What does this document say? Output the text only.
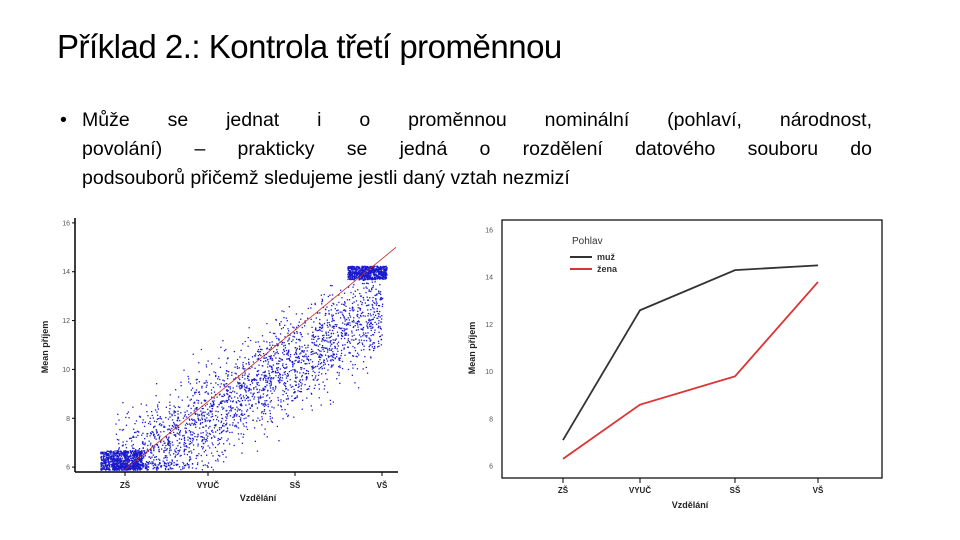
Příklad 2.: Kontrola třetí proměnnou
• Může se jednat i o proměnnou nominální (pohlaví, národnost,
povolání) – prakticky se jedná o rozdělení datového souboru do
podsouborů přičemž sledujeme jestli daný vztah nezmizí
6
8
10
12
14
16
ZŠ	VYUČ	SŠ	VŠ
Vzdělání
Mean příjem
6
8
10
12
14
16
ZŠ	VYUČ	SŠ	VŠ
Pohlav
muž
žena
Vzdělání
Mean příjem
